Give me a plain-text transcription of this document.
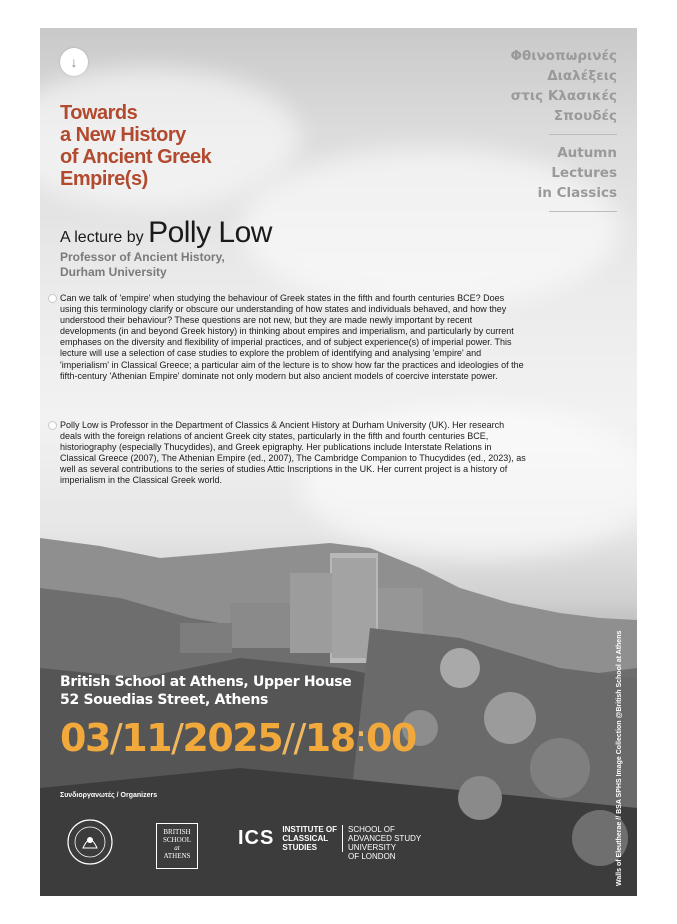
↓
Towards
a New History
of Ancient Greek
Empire(s)
Φθινοπωρινές
Διαλέξεις
στις Κλασικές
Σπουδές
Autumn
Lectures
in Classics
A lecture by Polly Low
Professor of Ancient History,
Durham University
Can we talk of 'empire' when studying the behaviour of Greek states in the fifth and fourth centuries BCE? Does using this terminology clarify or obscure our understanding of how states and individuals behaved, and how they understood their behaviour? These questions are not new, but they are made newly important by recent developments (in and beyond Greek history) in thinking about empires and imperialism, and particularly by current emphases on the diversity and flexibility of imperial practices, and of subject experience(s) of imperial power. This lecture will use a selection of case studies to explore the problem of identifying and analysing 'empire' and 'imperialism' in Classical Greece; a particular aim of the lecture is to show how far the practices and ideologies of the fifth-century 'Athenian Empire' dominate not only modern but also ancient models of coercive interstate power.
Polly Low is Professor in the Department of Classics & Ancient History at Durham University (UK). Her research deals with the foreign relations of ancient Greek city states, particularly in the fifth and fourth centuries BCE, historiography (especially Thucydides), and Greek epigraphy. Her publications include Interstate Relations in Classical Greece (2007), The Athenian Empire (ed., 2007), The Cambridge Companion to Thucydides (ed., 2023), as well as several contributions to the series of studies Attic Inscriptions in the UK. Her current project is a history of imperialism in the Classical Greek world.
British School at Athens, Upper House
52 Souedias Street, Athens
03/11/2025//18:00
Συνδιοργανωτές / Organizers
BRITISH
SCHOOL
at
ATHENS
ICS INSTITUTE OF
CLASSICAL
STUDIES
SCHOOL OF
ADVANCED STUDY
UNIVERSITY
OF LONDON	Walls of Eleutherae // BSA SPHS Image Collection @British School at Athens
